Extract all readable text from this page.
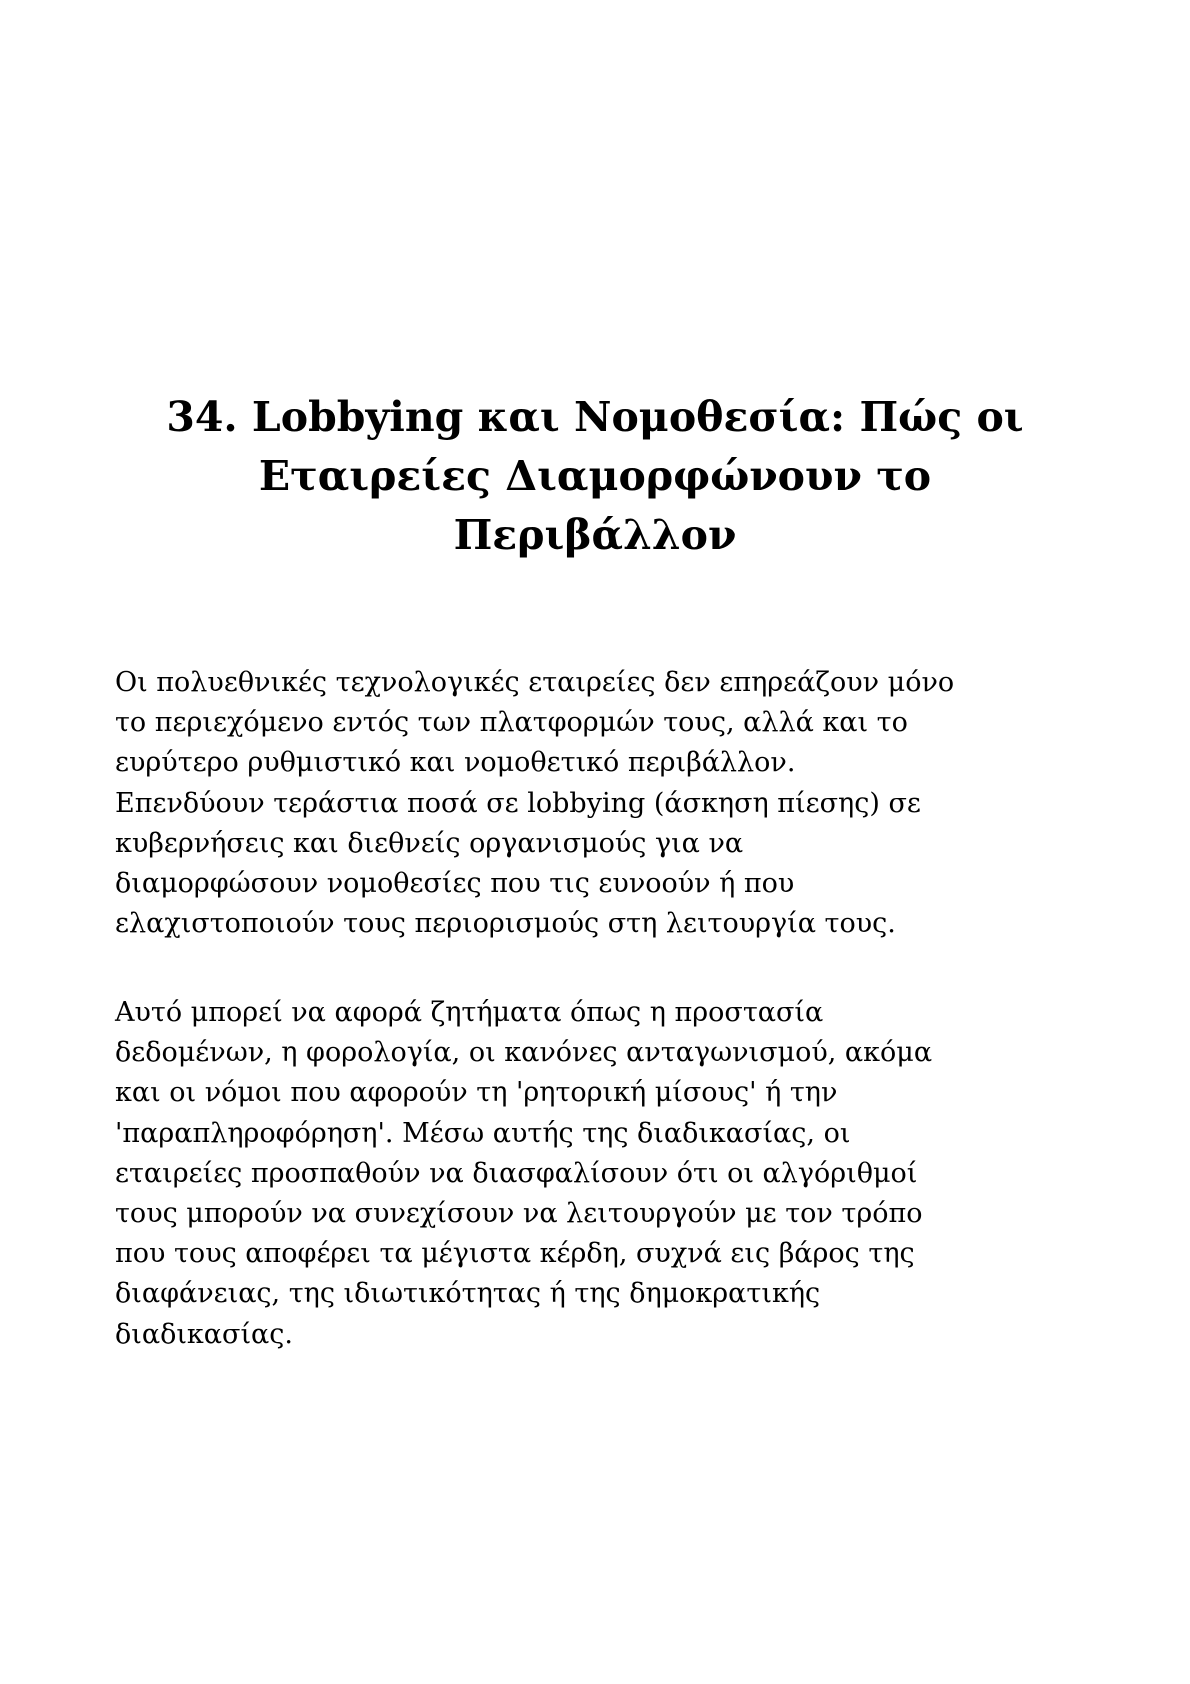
34. Lobbying και Νομοθεσία: Πώς οι
Εταιρείες Διαμορφώνουν το
Περιβάλλον

Οι πολυεθνικές τεχνολογικές εταιρείες δεν επηρεάζουν μόνο
το περιεχόμενο εντός των πλατφορμών τους, αλλά και το
ευρύτερο ρυθμιστικό και νομοθετικό περιβάλλον.
Επενδύουν τεράστια ποσά σε lobbying (άσκηση πίεσης) σε
κυβερνήσεις και διεθνείς οργανισμούς για να
διαμορφώσουν νομοθεσίες που τις ευνοούν ή που
ελαχιστοποιούν τους περιορισμούς στη λειτουργία τους.

Αυτό μπορεί να αφορά ζητήματα όπως η προστασία
δεδομένων, η φορολογία, οι κανόνες ανταγωνισμού, ακόμα
και οι νόμοι που αφορούν τη 'ρητορική μίσους' ή την
'παραπληροφόρηση'. Μέσω αυτής της διαδικασίας, οι
εταιρείες προσπαθούν να διασφαλίσουν ότι οι αλγόριθμοί
τους μπορούν να συνεχίσουν να λειτουργούν με τον τρόπο
που τους αποφέρει τα μέγιστα κέρδη, συχνά εις βάρος της
διαφάνειας, της ιδιωτικότητας ή της δημοκρατικής
διαδικασίας.
